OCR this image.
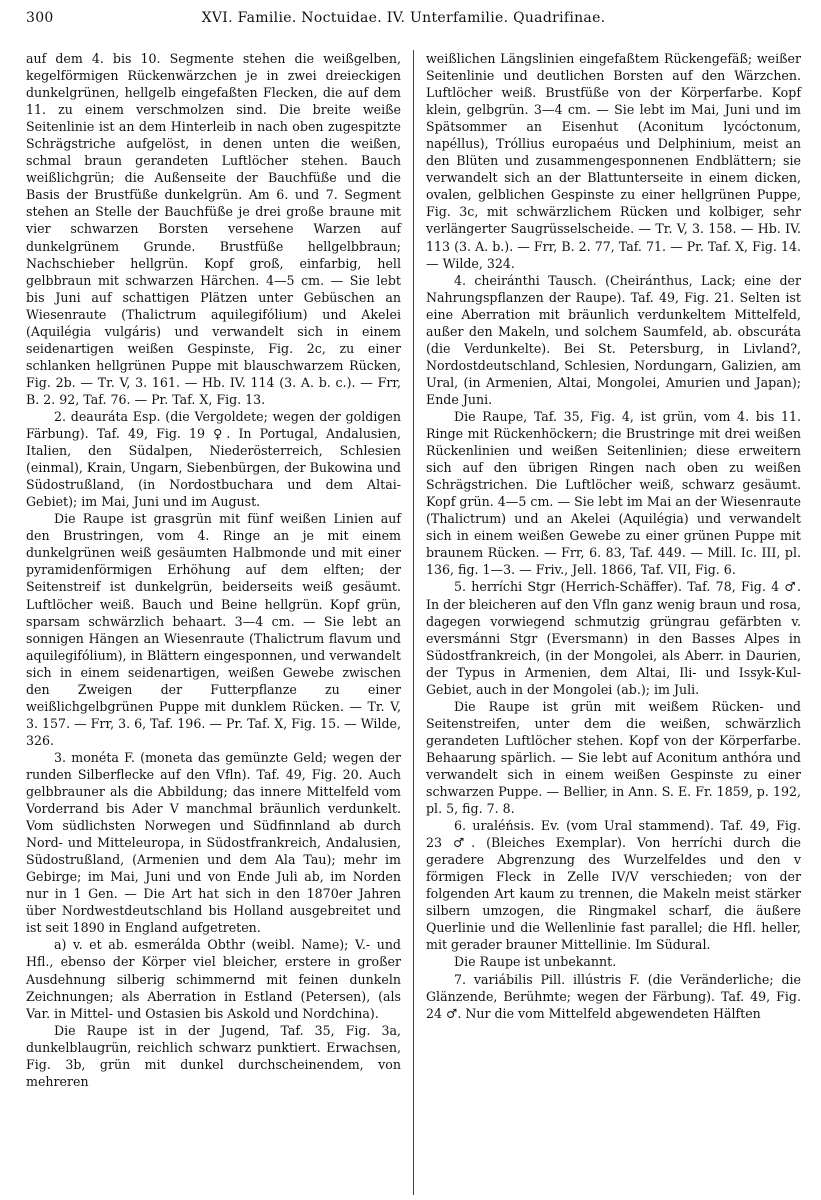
300	XVI. Familie. Noctuidae. IV. Unterfamilie. Quadrifinae.

auf dem 4. bis 10. Segmente stehen die weißgelben, kegelförmigen Rückenwärzchen je in zwei dreieckigen dunkelgrünen, hellgelb eingefaßten Flecken, die auf dem 11. zu einem verschmolzen sind. Die breite weiße Seitenlinie ist an dem Hinterleib in nach oben zugespitzte Schrägstriche aufgelöst, in denen unten die weißen, schmal braun gerandeten Luftlöcher stehen. Bauch weißlichgrün; die Außenseite der Bauchfüße und die Basis der Brustfüße dunkelgrün. Am 6. und 7. Segment stehen an Stelle der Bauchfüße je drei große braune mit vier schwarzen Borsten versehene Warzen auf dunkelgrünem Grunde. Brustfüße hellgelbbraun; Nachschieber hellgrün. Kopf groß, einfarbig, hell gelbbraun mit schwarzen Härchen. 4—5 cm. — Sie lebt bis Juni auf schattigen Plätzen unter Gebüschen an Wiesenraute (Thalictrum aquilegifólium) und Akelei (Aquilégia vulgáris) und verwandelt sich in einem seidenartigen weißen Gespinste, Fig. 2c, zu einer schlanken hellgrünen Puppe mit blauschwarzem Rücken, Fig. 2b. — Tr. V, 3. 161. — Hb. IV. 114 (3. A. b. c.). — Frr, B. 2. 92, Taf. 76. — Pr. Taf. X, Fig. 13.

2. deauráta Esp. (die Vergoldete; wegen der goldigen Färbung). Taf. 49, Fig. 19 ♀. In Portugal, Andalusien, Italien, den Südalpen, Niederösterreich, Schlesien (einmal), Krain, Ungarn, Siebenbürgen, der Bukowina und Südostrußland, (in Nordostbuchara und dem Altai-Gebiet); im Mai, Juni und im August.

Die Raupe ist grasgrün mit fünf weißen Linien auf den Brustringen, vom 4. Ringe an je mit einem dunkelgrünen weiß gesäumten Halbmonde und mit einer pyramidenförmigen Erhöhung auf dem elften; der Seitenstreif ist dunkelgrün, beiderseits weiß gesäumt. Luftlöcher weiß. Bauch und Beine hellgrün. Kopf grün, sparsam schwärzlich behaart. 3—4 cm. — Sie lebt an sonnigen Hängen an Wiesenraute (Thalictrum flavum und aquilegifólium), in Blättern eingesponnen, und verwandelt sich in einem seidenartigen, weißen Gewebe zwischen den Zweigen der Futterpflanze zu einer weißlichgelbgrünen Puppe mit dunklem Rücken. — Tr. V, 3. 157. — Frr, 3. 6, Taf. 196. — Pr. Taf. X, Fig. 15. — Wilde, 326.

3. monéta F. (moneta das gemünzte Geld; wegen der runden Silberflecke auf den Vfln). Taf. 49, Fig. 20. Auch gelbbrauner als die Abbildung; das innere Mittelfeld vom Vorderrand bis Ader V manchmal bräunlich verdunkelt. Vom südlichsten Norwegen und Südfinnland ab durch Nord- und Mitteleuropa, in Südostfrankreich, Andalusien, Südostrußland, (Armenien und dem Ala Tau); mehr im Gebirge; im Mai, Juni und von Ende Juli ab, im Norden nur in 1 Gen. — Die Art hat sich in den 1870er Jahren über Nordwestdeutschland bis Holland ausgebreitet und ist seit 1890 in England aufgetreten.

a) v. et ab. esmerálda Obthr (weibl. Name); V.- und Hfl., ebenso der Körper viel bleicher, erstere in großer Ausdehnung silberig schimmernd mit feinen dunkeln Zeichnungen; als Aberration in Estland (Petersen), (als Var. in Mittel- und Ostasien bis Askold und Nordchina).

Die Raupe ist in der Jugend, Taf. 35, Fig. 3a, dunkelblaugrün, reichlich schwarz punktiert. Erwachsen, Fig. 3b, grün mit dunkel durchscheinendem, von mehreren

weißlichen Längslinien eingefaßtem Rückengefäß; weißer Seitenlinie und deutlichen Borsten auf den Wärzchen. Luftlöcher weiß. Brustfüße von der Körperfarbe. Kopf klein, gelbgrün. 3—4 cm. — Sie lebt im Mai, Juni und im Spätsommer an Eisenhut (Aconitum lycóctonum, napéllus), Tróllius europaéus und Delphinium, meist an den Blüten und zusammengesponnenen Endblättern; sie verwandelt sich an der Blattunterseite in einem dicken, ovalen, gelblichen Gespinste zu einer hellgrünen Puppe, Fig. 3c, mit schwärzlichem Rücken und kolbiger, sehr verlängerter Saugrüsselscheide. — Tr. V, 3. 158. — Hb. IV. 113 (3. A. b.). — Frr, B. 2. 77, Taf. 71. — Pr. Taf. X, Fig. 14. — Wilde, 324.

4. cheiránthi Tausch. (Cheiránthus, Lack; eine der Nahrungspflanzen der Raupe). Taf. 49, Fig. 21. Selten ist eine Aberration mit bräunlich verdunkeltem Mittelfeld, außer den Makeln, und solchem Saumfeld, ab. obscuráta (die Verdunkelte). Bei St. Petersburg, in Livland?, Nordostdeutschland, Schlesien, Nordungarn, Galizien, am Ural, (in Armenien, Altai, Mongolei, Amurien und Japan); Ende Juni.

Die Raupe, Taf. 35, Fig. 4, ist grün, vom 4. bis 11. Ringe mit Rückenhöckern; die Brustringe mit drei weißen Rückenlinien und weißen Seitenlinien; diese erweitern sich auf den übrigen Ringen nach oben zu weißen Schrägstrichen. Die Luftlöcher weiß, schwarz gesäumt. Kopf grün. 4—5 cm. — Sie lebt im Mai an der Wiesenraute (Thalictrum) und an Akelei (Aquilégia) und verwandelt sich in einem weißen Gewebe zu einer grünen Puppe mit braunem Rücken. — Frr, 6. 83, Taf. 449. — Mill. Ic. III, pl. 136, fig. 1—3. — Friv., Jell. 1866, Taf. VII, Fig. 6.

5. herríchi Stgr (Herrich-Schäffer). Taf. 78, Fig. 4 ♂. In der bleicheren auf den Vfln ganz wenig braun und rosa, dagegen vorwiegend schmutzig grüngrau gefärbten v. eversmánni Stgr (Eversmann) in den Basses Alpes in Südostfrankreich, (in der Mongolei, als Aberr. in Daurien, der Typus in Armenien, dem Altai, Ili- und Issyk-Kul-Gebiet, auch in der Mongolei (ab.); im Juli.

Die Raupe ist grün mit weißem Rücken- und Seitenstreifen, unter dem die weißen, schwärzlich gerandeten Luftlöcher stehen. Kopf von der Körperfarbe. Behaarung spärlich. — Sie lebt auf Aconitum anthóra und verwandelt sich in einem weißen Gespinste zu einer schwarzen Puppe. — Bellier, in Ann. S. E. Fr. 1859, p. 192, pl. 5, fig. 7. 8.

6. uraléńsis. Ev. (vom Ural stammend). Taf. 49, Fig. 23 ♂. (Bleiches Exemplar). Von herríchi durch die geradere Abgrenzung des Wurzelfeldes und den v förmigen Fleck in Zelle IV/V verschieden; von der folgenden Art kaum zu trennen, die Makeln meist stärker silbern umzogen, die Ringmakel scharf, die äußere Querlinie und die Wellenlinie fast parallel; die Hfl. heller, mit gerader brauner Mittellinie. Im Südural.

Die Raupe ist unbekannt.

7. variábilis Pill. illústris F. (die Veränderliche; die Glänzende, Berühmte; wegen der Färbung). Taf. 49, Fig. 24 ♂. Nur die vom Mittelfeld abgewendeten Hälften
